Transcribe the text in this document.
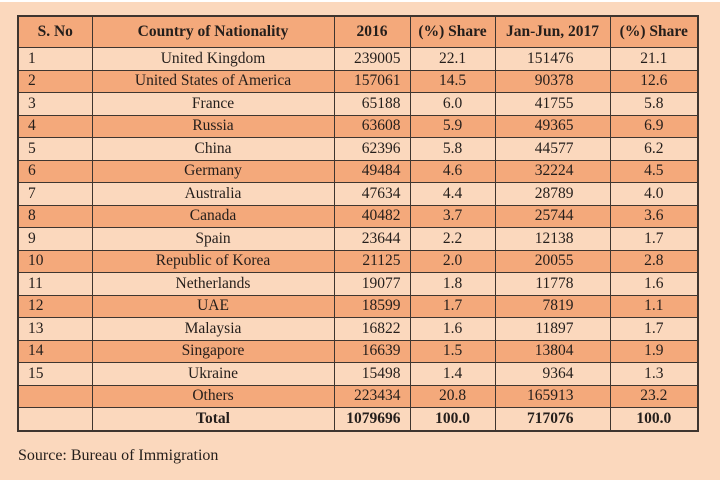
S. No	Country of Nationality	2016	(%) Share	Jan-Jun, 2017	(%) Share
1	United Kingdom	239005	22.1	151476	21.1
2	United States of America	157061	14.5	90378	12.6
3	France	65188	6.0	41755	5.8
4	Russia	63608	5.9	49365	6.9
5	China	62396	5.8	44577	6.2
6	Germany	49484	4.6	32224	4.5
7	Australia	47634	4.4	28789	4.0
8	Canada	40482	3.7	25744	3.6
9	Spain	23644	2.2	12138	1.7
10	Republic of Korea	21125	2.0	20055	2.8
11	Netherlands	19077	1.8	11778	1.6
12	UAE	18599	1.7	7819	1.1
13	Malaysia	16822	1.6	11897	1.7
14	Singapore	16639	1.5	13804	1.9
15	Ukraine	15498	1.4	9364	1.3
	Others	223434	20.8	165913	23.2
	Total	1079696	100.0	717076	100.0
Source: Bureau of Immigration
